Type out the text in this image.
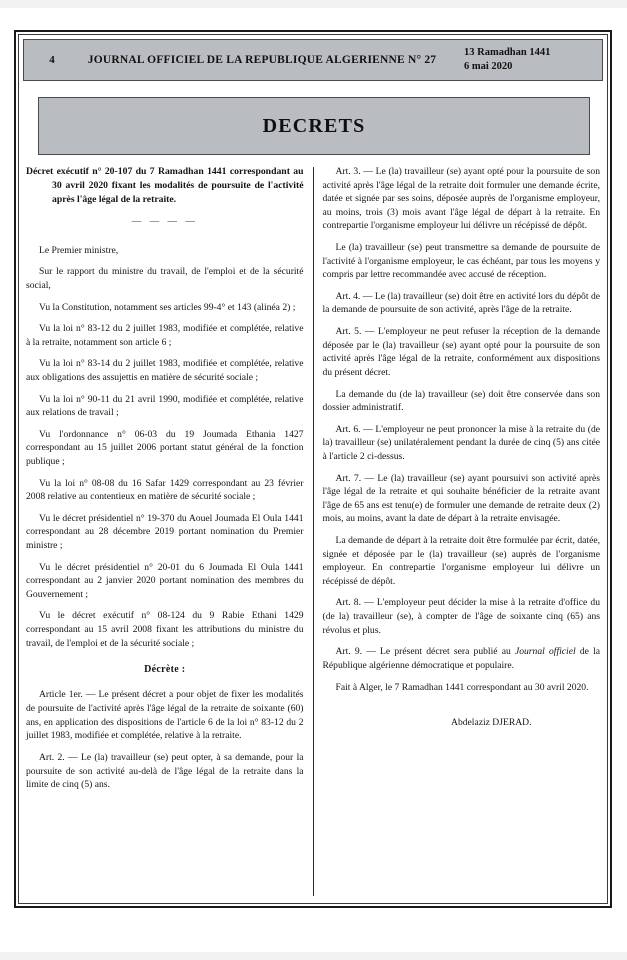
4	JOURNAL OFFICIEL DE LA REPUBLIQUE ALGERIENNE N° 27
13 Ramadhan 1441
6 mai 2020
DECRETS
Décret exécutif n° 20-107 du 7 Ramadhan 1441 correspondant au 30 avril 2020 fixant les modalités de poursuite de l'activité après l'âge légal de la retraite.
— — — —

Le Premier ministre,

Sur le rapport du ministre du travail, de l'emploi et de la sécurité social,

Vu la Constitution, notamment ses articles 99-4° et 143 (alinéa 2) ;

Vu la loi n° 83-12 du 2 juillet 1983, modifiée et complétée, relative à la retraite, notamment son article 6 ;

Vu la loi n° 83-14 du 2 juillet 1983, modifiée et complétée, relative aux obligations des assujettis en matière de sécurité sociale ;

Vu la loi n° 90-11 du 21 avril 1990, modifiée et complétée, relative aux relations de travail ;

Vu l'ordonnance n° 06-03 du 19 Joumada Ethania 1427 correspondant au 15 juillet 2006 portant statut général de la fonction publique ;

Vu la loi n° 08-08 du 16 Safar 1429 correspondant au 23 février 2008 relative au contentieux en matière de sécurité sociale ;

Vu le décret présidentiel n° 19-370 du Aouel Joumada El Oula 1441 correspondant au 28 décembre 2019 portant nomination du Premier ministre ;

Vu le décret présidentiel n° 20-01 du 6 Joumada El Oula 1441 correspondant au 2 janvier 2020 portant nomination des membres du Gouvernement ;

Vu le décret exécutif n° 08-124 du 9 Rabie Ethani 1429 correspondant au 15 avril 2008 fixant les attributions du ministre du travail, de l'emploi et de la sécurité sociale ;

Décrète :

Article 1er. — Le présent décret a pour objet de fixer les modalités de poursuite de l'activité après l'âge légal de la retraite de soixante (60) ans, en application des dispositions de l'article 6 de la loi n° 83-12 du 2 juillet 1983, modifiée et complétée, relative à la retraite.

Art. 2. — Le (la) travailleur (se) peut opter, à sa demande, pour la poursuite de son activité au-delà de l'âge légal de la retraite dans la limite de cinq (5) ans.

Art. 3. — Le (la) travailleur (se) ayant opté pour la poursuite de son activité après l'âge légal de la retraite doit formuler une demande écrite, datée et signée par ses soins, déposée auprès de l'organisme employeur, au moins, trois (3) mois avant l'âge légal de départ à la retraite. En contrepartie l'organisme employeur lui délivre un récépissé de dépôt.

Le (la) travailleur (se) peut transmettre sa demande de poursuite de l'activité à l'organisme employeur, le cas échéant, par tous les moyens y compris par lettre recommandée avec accusé de réception.

Art. 4. — Le (la) travailleur (se) doit être en activité lors du dépôt de la demande de poursuite de son activité, après l'âge de la retraite.

Art. 5. — L'employeur ne peut refuser la réception de la demande déposée par le (la) travailleur (se) ayant opté pour la poursuite de son activité après l'âge légal de la retraite, conformément aux dispositions du présent décret.

La demande du (de la) travailleur (se) doit être conservée dans son dossier administratif.

Art. 6. — L'employeur ne peut prononcer la mise à la retraite du (de la) travailleur (se) unilatéralement pendant la durée de cinq (5) ans citée à l'article 2 ci-dessus.

Art. 7. — Le (la) travailleur (se) ayant poursuivi son activité après l'âge légal de la retraite et qui souhaite bénéficier de la retraite avant l'âge de 65 ans est tenu(e) de formuler une demande de retraite deux (2) mois, au moins, avant la date de départ à la retraite envisagée.

La demande de départ à la retraite doit être formulée par écrit, datée, signée et déposée par le (la) travailleur (se) auprès de l'organisme employeur. En contrepartie l'organisme employeur lui délivre un récépissé de dépôt.

Art. 8. — L'employeur peut décider la mise à la retraite d'office du (de la) travailleur (se), à compter de l'âge de soixante cinq (65) ans révolus et plus.

Art. 9. — Le présent décret sera publié au Journal officiel de la République algérienne démocratique et populaire.

Fait à Alger, le 7 Ramadhan 1441 correspondant au 30 avril 2020.

Abdelaziz DJERAD.
